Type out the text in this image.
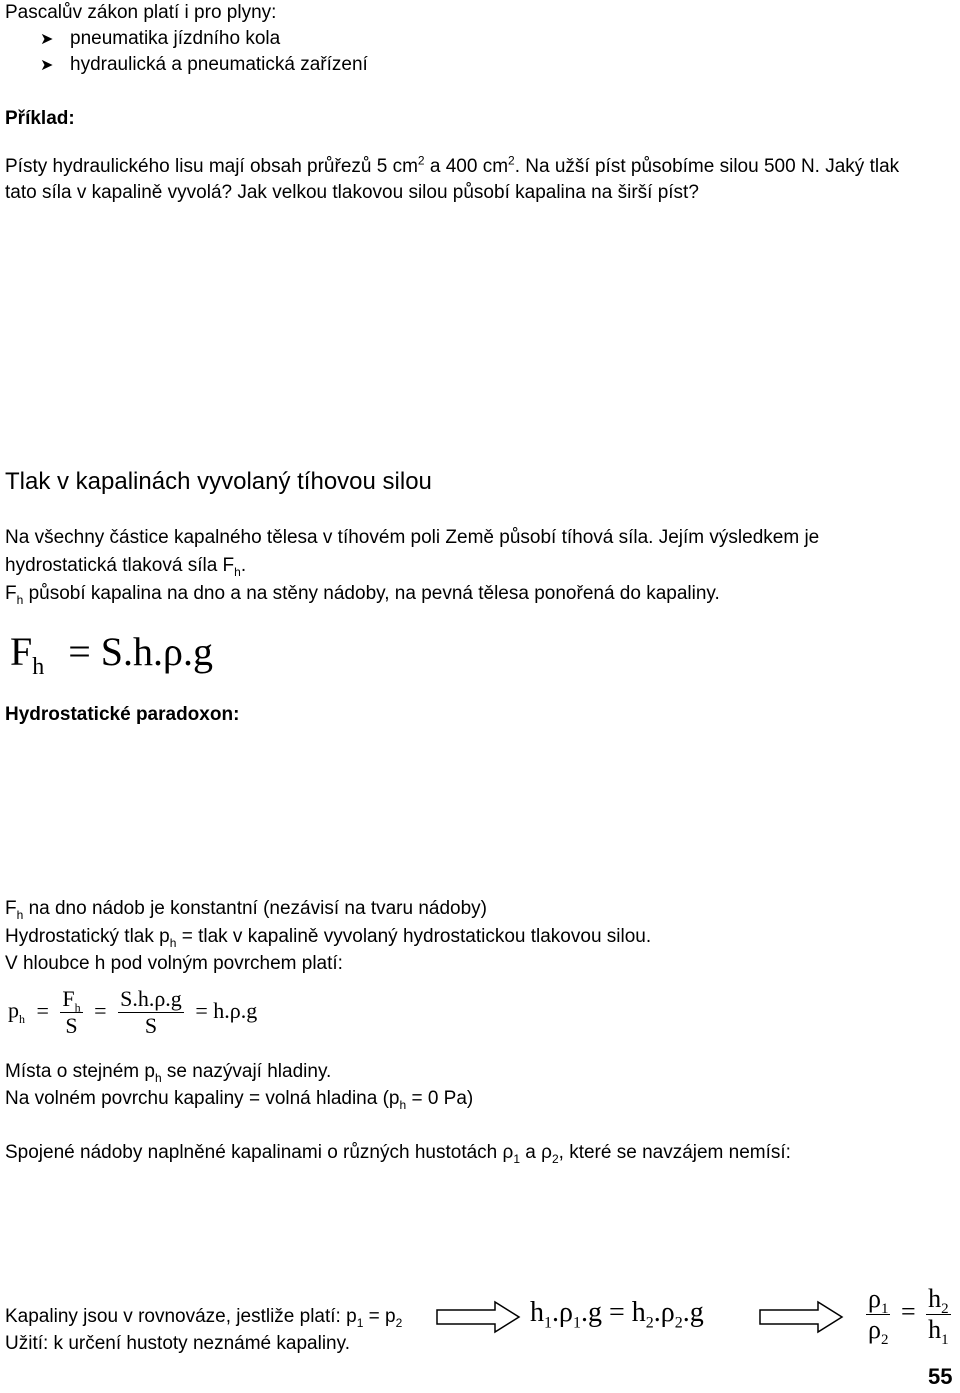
Pascalův zákon platí i pro plyny:
➤ pneumatika jízdního kola
➤ hydraulická a pneumatická zařízení
Příklad:
Písty hydraulického lisu mají obsah průřezů 5 $cm^2$ a 400 $cm^2$. Na užší píst působíme silou 500 N. Jaký tlak
tato síla v kapalině vyvolá? Jak velkou tlakovou silou působí kapalina na širší píst?
Tlak v kapalinách vyvolaný tíhovou silou
Na všechny částice kapalného tělesa v tíhovém poli Země působí tíhová síla. Jejím výsledkem je
hydrostatická tlaková síla $F_h$.
$F_h$ působí kapalina na dno a na stěny nádoby, na pevná tělesa ponořená do kapaliny.
$F_h = S.h.\rho.g$
Hydrostatické paradoxon:
$F_h$ na dno nádob je konstantní (nezávisí na tvaru nádoby)
Hydrostatický tlak $p_h$ = tlak v kapalině vyvolaný hydrostatickou tlakovou silou.
V hloubce h pod volným povrchem platí:
$p_h = \frac{F_h}{S} = \frac{S.h.\rho.g}{S} = h.\rho.g$
Místa o stejném $p_h$ se nazývají hladiny.
Na volném povrchu kapaliny = volná hladina ($p_h = 0$ Pa)
Spojené nádoby naplněné kapalinami o různých hustotách $\rho_1$ a $\rho_2$, které se navzájem nemísí:
Kapaliny jsou v rovnováze, jestliže platí: $p_1 = p_2$
Užití: k určení hustoty neznámé kapaliny.
$h_1.\rho_1.g = h_2.\rho_2.g$	$\frac{\rho_1}{\rho_2} = \frac{h_2}{h_1}$
55
